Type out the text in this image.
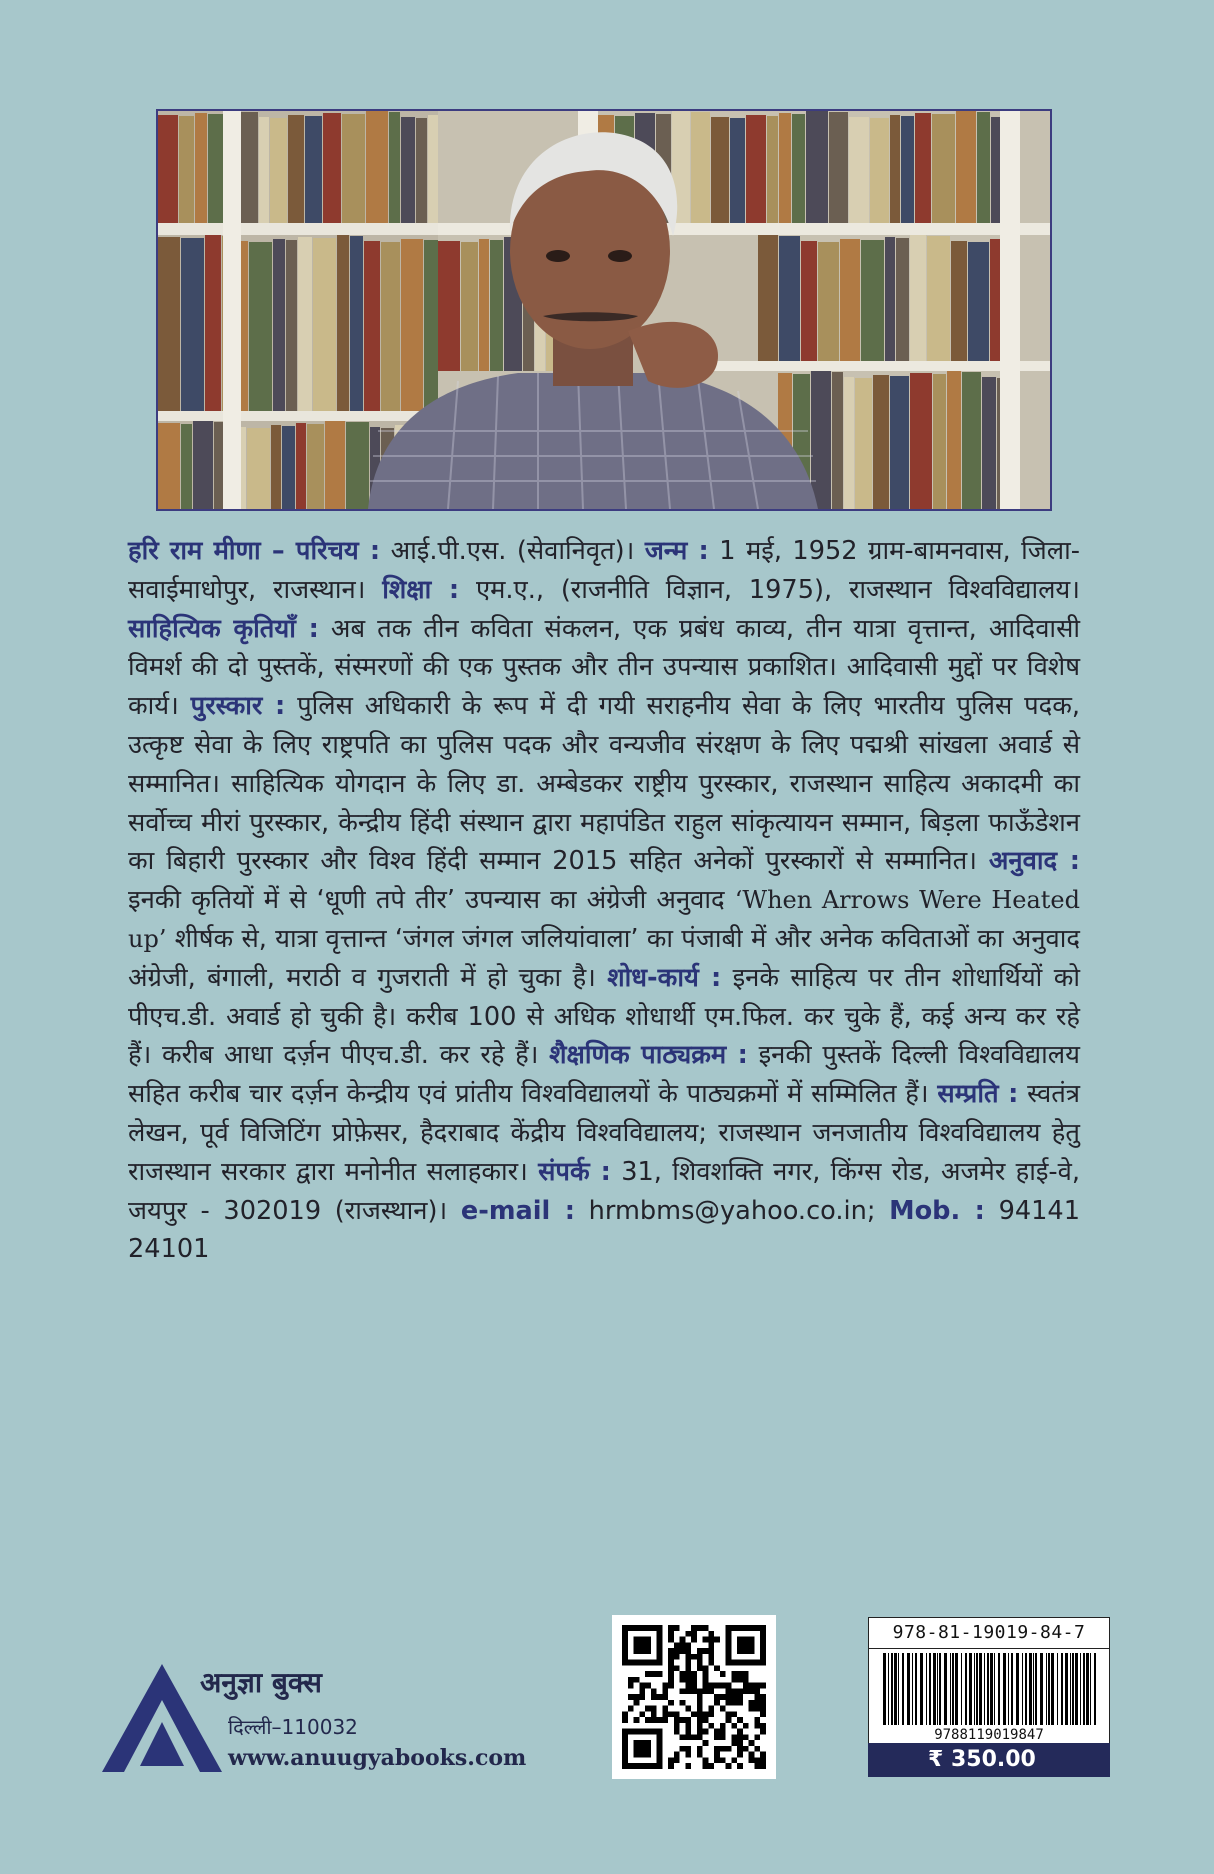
हरि राम मीणा – परिचय : आई.पी.एस. (सेवानिवृत)। जन्म : 1 मई, 1952 ग्राम-बामनवास, जिला-सवाईमाधोपुर, राजस्थान। शिक्षा : एम.ए., (राजनीति विज्ञान, 1975), राजस्थान विश्वविद्यालय। साहित्यिक कृतियाँ : अब तक तीन कविता संकलन, एक प्रबंध काव्य, तीन यात्रा वृत्तान्त, आदिवासी विमर्श की दो पुस्तकें, संस्मरणों की एक पुस्तक और तीन उपन्यास प्रकाशित। आदिवासी मुद्दों पर विशेष कार्य। पुरस्कार : पुलिस अधिकारी के रूप में दी गयी सराहनीय सेवा के लिए भारतीय पुलिस पदक, उत्कृष्ट सेवा के लिए राष्ट्रपति का पुलिस पदक और वन्यजीव संरक्षण के लिए पद्मश्री सांखला अवार्ड से सम्मानित। साहित्यिक योगदान के लिए डा. अम्बेडकर राष्ट्रीय पुरस्कार, राजस्थान साहित्य अकादमी का सर्वोच्च मीरां पुरस्कार, केन्द्रीय हिंदी संस्थान द्वारा महापंडित राहुल सांकृत्यायन सम्मान, बिड़ला फाऊँडेशन का बिहारी पुरस्कार और विश्व हिंदी सम्मान 2015 सहित अनेकों पुरस्कारों से सम्मानित। अनुवाद : इनकी कृतियों में से ‘धूणी तपे तीर’ उपन्यास का अंग्रेजी अनुवाद ‘When Arrows Were Heated up’ शीर्षक से, यात्रा वृत्तान्त ‘जंगल जंगल जलियांवाला’ का पंजाबी में और अनेक कविताओं का अनुवाद अंग्रेजी, बंगाली, मराठी व गुजराती में हो चुका है। शोध-कार्य : इनके साहित्य पर तीन शोधार्थियों को पीएच.डी. अवार्ड हो चुकी है। करीब 100 से अधिक शोधार्थी एम.फिल. कर चुके हैं, कई अन्य कर रहे हैं। करीब आधा दर्ज़न पीएच.डी. कर रहे हैं। शैक्षणिक पाठ्यक्रम : इनकी पुस्तकें दिल्ली विश्वविद्यालय सहित करीब चार दर्ज़न केन्द्रीय एवं प्रांतीय विश्वविद्यालयों के पाठ्यक्रमों में सम्मिलित हैं। सम्प्रति : स्वतंत्र लेखन, पूर्व विजिटिंग प्रोफ़ेसर, हैदराबाद केंद्रीय विश्वविद्यालय; राजस्थान जनजातीय विश्वविद्यालय हेतु राजस्थान सरकार द्वारा मनोनीत सलाहकार। संपर्क : 31, शिवशक्ति नगर, किंग्स रोड, अजमेर हाई-वे, जयपुर - 302019 (राजस्थान)। e-mail : hrmbms@yahoo.co.in; Mob. : 94141 24101
अनुज्ञा बुक्स
दिल्ली–110032
www.anuugyabooks.com
978-81-19019-84-7
9788119019847
₹ 350.00
